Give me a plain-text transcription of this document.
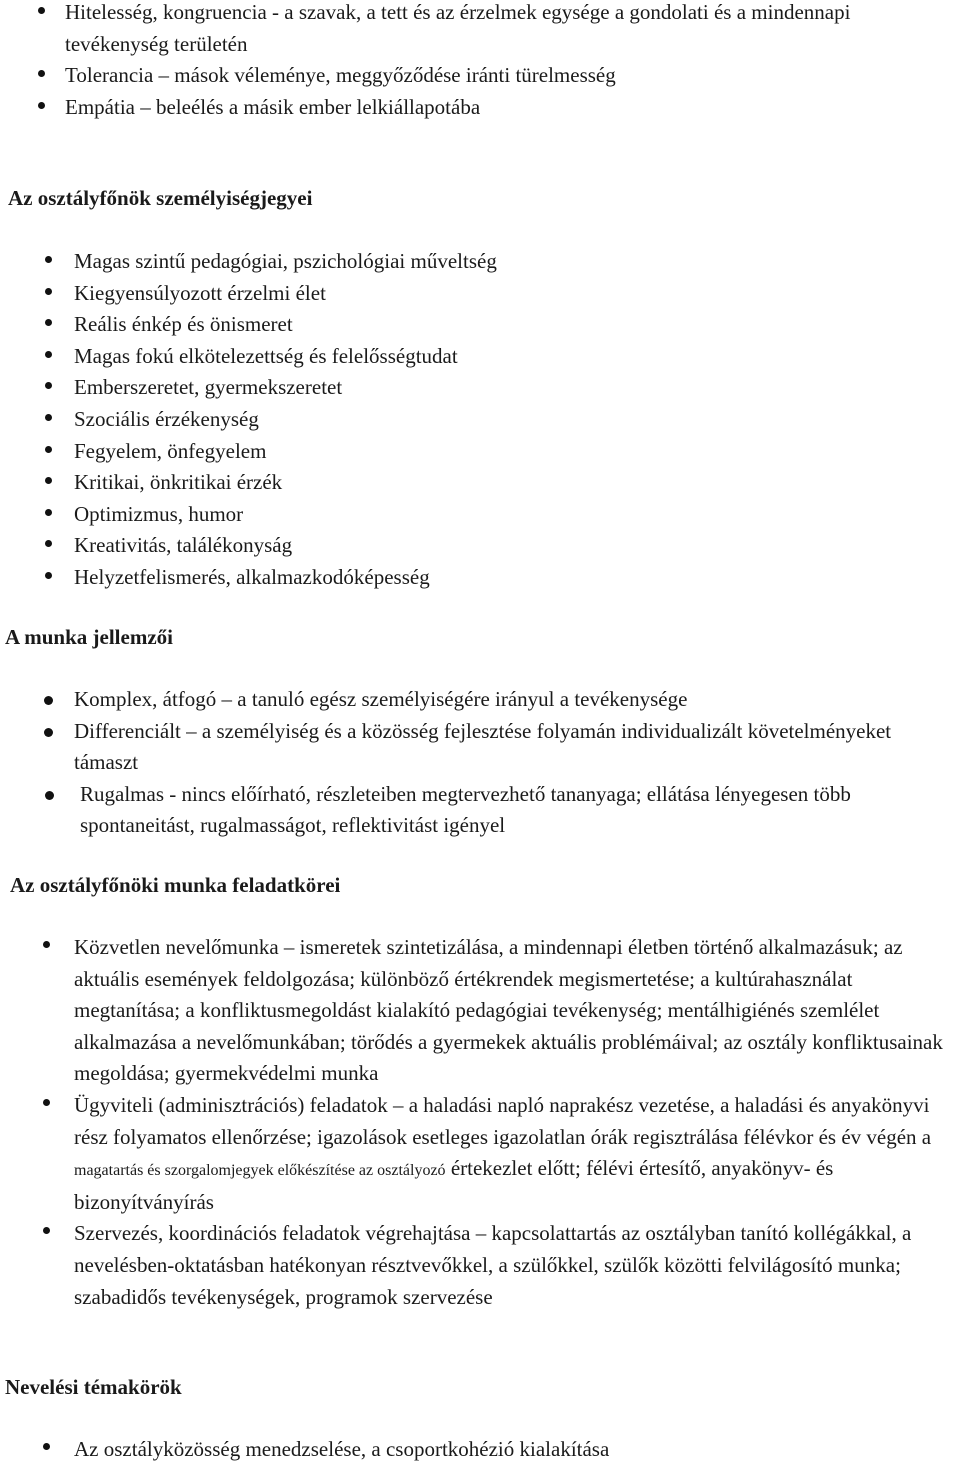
Hitelesség, kongruencia - a szavak, a tett és az érzelmek egysége a gondolati és a mindennapi tevékenység területén
Tolerancia – mások véleménye, meggyőződése iránti türelmesség
Empátia – beleélés a másik ember lelkiállapotába
Az osztályfőnök személyiségjegyei
Magas szintű pedagógiai, pszichológiai műveltség
Kiegyensúlyozott érzelmi élet
Reális énkép és önismeret
Magas fokú elkötelezettség és felelősségtudat
Emberszeretet, gyermekszeretet
Szociális érzékenység
Fegyelem, önfegyelem
Kritikai, önkritikai érzék
Optimizmus, humor
Kreativitás, találékonyság
Helyzetfelismerés, alkalmazkodóképesség
A munka jellemzői
Komplex, átfogó – a tanuló egész személyiségére irányul a tevékenysége
Differenciált – a személyiség és a közösség fejlesztése folyamán individualizált követelményeket támaszt
Rugalmas - nincs előírható, részleteiben megtervezhető tananyaga; ellátása lényegesen több spontaneitást, rugalmasságot, reflektivitást igényel
Az osztályfőnöki munka feladatkörei
Közvetlen nevelőmunka – ismeretek szintetizálása, a mindennapi életben történő alkalmazásuk; az aktuális események feldolgozása; különböző értékrendek megismertetése; a kultúrahasználat megtanítása; a konfliktusmegoldást kialakító pedagógiai tevékenység; mentálhigiénés szemlélet alkalmazása a nevelőmunkában; törődés a gyermekek aktuális problémáival; az osztály konfliktusainak megoldása; gyermekvédelmi munka
Ügyviteli (adminisztrációs) feladatok – a haladási napló naprakész vezetése, a haladási és anyakönyvi rész folyamatos ellenőrzése; igazolások esetleges igazolatlan órák regisztrálása félévkor és év végén a magatartás és szorgalomjegyek előkészítése az osztályozó értekezlet előtt; félévi értesítő, anyakönyv- és bizonyítványírás
Szervezés, koordinációs feladatok végrehajtása – kapcsolattartás az osztályban tanító kollégákkal, a nevelésben-oktatásban hatékonyan résztvevőkkel, a szülőkkel, szülők közötti felvilágosító munka; szabadidős tevékenységek, programok szervezése
Nevelési témakörök
Az osztályközösség menedzselése, a csoportkohézió kialakítása
